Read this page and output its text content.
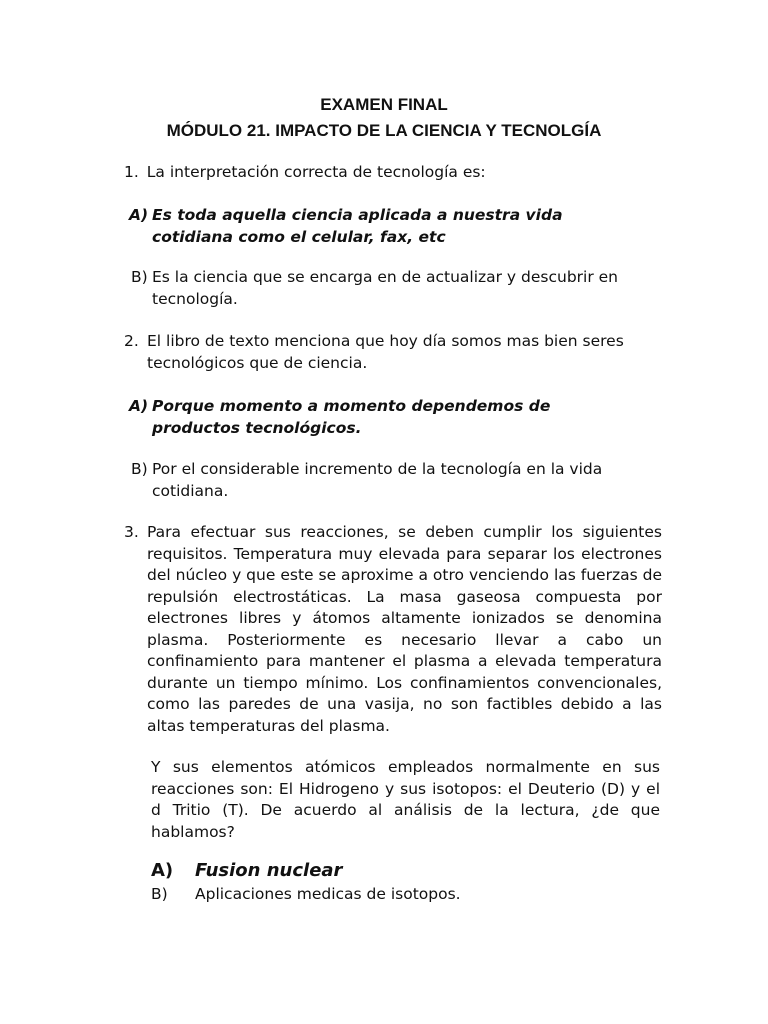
EXAMEN FINAL
MÓDULO 21. IMPACTO DE LA CIENCIA Y TECNOLGÍA
1. La interpretación correcta de tecnología es:
A) Es toda aquella ciencia aplicada a nuestra vida cotidiana como el celular, fax, etc
B) Es la ciencia que se encarga en de actualizar y descubrir en tecnología.
2. El libro de texto menciona que hoy día somos mas bien seres tecnológicos que de ciencia.
A) Porque momento a momento dependemos de productos tecnológicos.
B) Por el considerable incremento de la tecnología en la vida cotidiana.
3. Para efectuar sus reacciones, se deben cumplir los siguientes requisitos. Temperatura muy elevada para separar los electrones del núcleo y que este se aproxime a otro venciendo las fuerzas de repulsión electrostáticas. La masa gaseosa compuesta por electrones libres y átomos altamente ionizados se denomina plasma. Posteriormente es necesario llevar a cabo un confinamiento para mantener el plasma a elevada temperatura durante un tiempo mínimo. Los confinamientos convencionales, como las paredes de una vasija, no son factibles debido a las altas temperaturas del plasma.
Y sus elementos atómicos empleados normalmente en sus reacciones son: El Hidrogeno y sus isotopos: el Deuterio (D) y el d Tritio (T). De acuerdo al análisis de la lectura, ¿de que hablamos?
A)	Fusion nuclear
B)	Aplicaciones medicas de isotopos.
